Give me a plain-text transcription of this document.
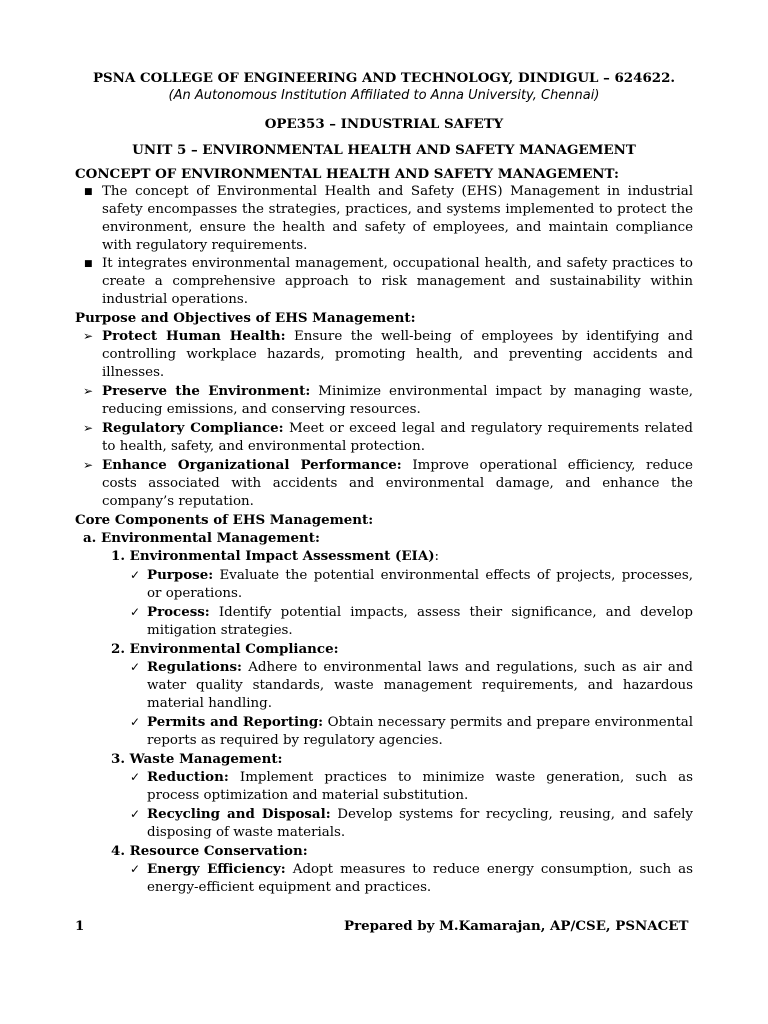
PSNA COLLEGE OF ENGINEERING AND TECHNOLOGY, DINDIGUL – 624622.
(An Autonomous Institution Affiliated to Anna University, Chennai)
OPE353 – INDUSTRIAL SAFETY
UNIT 5 – ENVIRONMENTAL HEALTH AND SAFETY MANAGEMENT
CONCEPT OF ENVIRONMENTAL HEALTH AND SAFETY MANAGEMENT:
■ The concept of Environmental Health and Safety (EHS) Management in industrial safety encompasses the strategies, practices, and systems implemented to protect the environment, ensure the health and safety of employees, and maintain compliance with regulatory requirements.
■ It integrates environmental management, occupational health, and safety practices to create a comprehensive approach to risk management and sustainability within industrial operations.
Purpose and Objectives of EHS Management:
➢ Protect Human Health: Ensure the well-being of employees by identifying and controlling workplace hazards, promoting health, and preventing accidents and illnesses.
➢ Preserve the Environment: Minimize environmental impact by managing waste, reducing emissions, and conserving resources.
➢ Regulatory Compliance: Meet or exceed legal and regulatory requirements related to health, safety, and environmental protection.
➢ Enhance Organizational Performance: Improve operational efficiency, reduce costs associated with accidents and environmental damage, and enhance the company’s reputation.
Core Components of EHS Management:
a. Environmental Management:
1. Environmental Impact Assessment (EIA):
✓ Purpose: Evaluate the potential environmental effects of projects, processes, or operations.
✓ Process: Identify potential impacts, assess their significance, and develop mitigation strategies.
2. Environmental Compliance:
✓ Regulations: Adhere to environmental laws and regulations, such as air and water quality standards, waste management requirements, and hazardous material handling.
✓ Permits and Reporting: Obtain necessary permits and prepare environmental reports as required by regulatory agencies.
3. Waste Management:
✓ Reduction: Implement practices to minimize waste generation, such as process optimization and material substitution.
✓ Recycling and Disposal: Develop systems for recycling, reusing, and safely disposing of waste materials.
4. Resource Conservation:
✓ Energy Efficiency: Adopt measures to reduce energy consumption, such as energy-efficient equipment and practices.
1	Prepared by M.Kamarajan, AP/CSE, PSNACET
